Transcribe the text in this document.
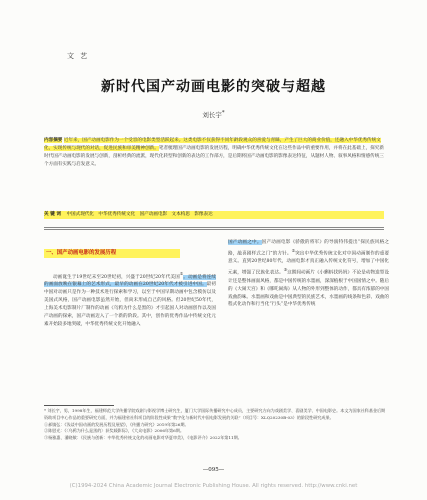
文 艺
新时代国产动画电影的突破与超越
刘长宇*
内容摘要 近年来，国产动画电影作为一个受容的电影类型活跃起来。这类电影不仅获得不同年龄段观众的喜爱与青睐，产生了巨大的商业价值，还融入中华优秀传统文化，实现传统与现代的对话，促进民族和审美精神创新。笔者梳理国产动画电影的发展历程，明确中华优秀传统文化在这些作品中的重要作用，并将在此基础上，探究新时代国产动画电影的发展与创新，剖析经典的流派，现代化转型和创新的表达的工作部方，是后期将国产动画电影的影像表达特征，从题材人物、叙事风格和情感传统三个方面有实践与启发意义。
关 键 词 中国式现代化 中华优秀传统文化 国产动画电影 文本构思 影像表达
一、国产动画电影的发展历程
动画诞生于19世纪末至20世纪初，兴盛于20世纪20年代美国①。动画是将连续的画面放映在银幕上的艺术形式，最早的动画在20世纪20年代才被引进中国。最初中国对动画只是作为一种技术进行探索和学习，以至于中国早期动画中包含模仿以及美国式风格，国产动画电影虽然开始，但尚未形成自己的风格。但20世纪50年代，上海美术电影制片厂制作的动画《乌鸦为什么是黑的》才引起国人对动画创作以及国产动画的探索，国产动画迈入了一个新的阶段。其中，创作的优秀作品中传统文化元素开始较多地突破，中华优秀传统文化开始融入
国产动画之中。国产动画电影《骄傲的将军》的导演特伟提出“探民族风格之路，敲喜剧样式之门”的方针。②突出中华优秀传统文化对中国动画制作的重要意义。直到20世纪80年代，动画电影才真正融入传统文化符号，增加了中国化元素，增强了民族化表达。③这期间动画片《小蝌蚪找妈妈》不论是动物造型设计还是整体画面风格，都是中国传统的水墨画，深深植根于中国国情之中。随后的《大闹天宫》和《哪吒闹海》从人物的外形到整体的动作，都具有浓郁的中国戏曲韵味。水墨画和戏曲是中国典型的民族艺术，水墨画的线条和色彩、戏曲的程式化动作和行当化“行头”是中华优秀传统
* 刘长宇，男，1998年生，福建师范大学传播学院戏剧与影视学博士研究生，厦门大学国际传播研究中心成员，主要研究方向为戏剧美学、喜剧美学、中国电影史。本文为国家社科基金后期资助项目中心作品的重要研究方面，并为福建省社科项目的阶段性成果“数字化与新时代中国电影发展的关联”（项目号：XLQ20230B-03）的阶段性研究成果。
①郝镇弘：《浅谈中国动画的发展历程及展望》，《传播力研究》2019年第26期。
②陈慰光：《〈乌鸦为什么是黑的〉获奖载影际》，《大众电影》2006年第6期。
③杨雅惠、潘晓敏：《民族与创新：中华优秀传统文化的动画电影对华夏审美》，《电影评介》2022年第11期。
—095—
(C)1994-2024 China Academic Journal Electronic Publishing House. All rights reserved. http://www.cnki.net
